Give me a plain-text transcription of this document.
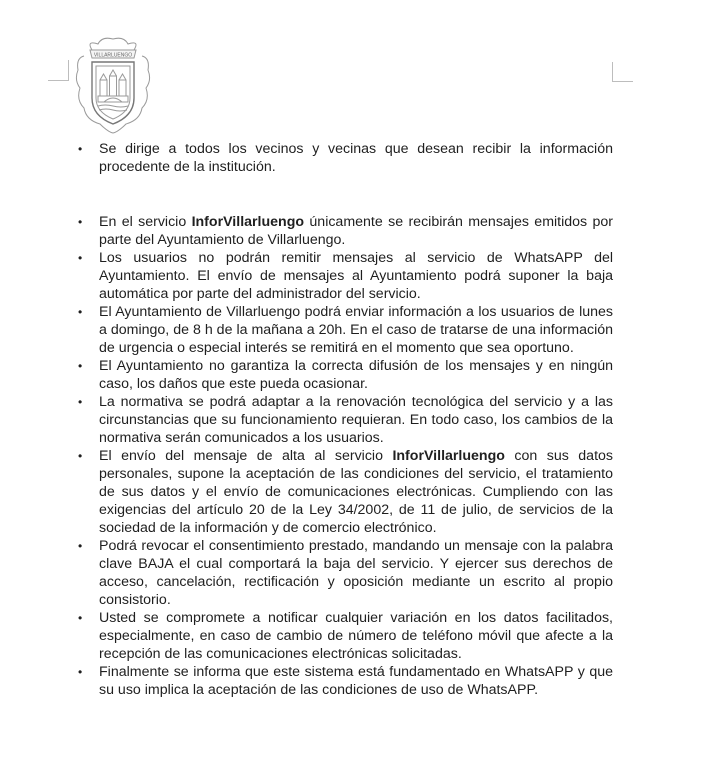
VILLARLUENGO
•	Se dirige a todos los vecinos y vecinas que desean recibir la información procedente de la institución.
•	En el servicio InforVillarluengo únicamente se recibirán mensajes emitidos por parte del Ayuntamiento de Villarluengo.
•	Los usuarios no podrán remitir mensajes al servicio de WhatsAPP del Ayuntamiento. El envío de mensajes al Ayuntamiento podrá suponer la baja automática por parte del administrador del servicio.
•	El Ayuntamiento de Villarluengo podrá enviar información a los usuarios de lunes a domingo, de 8 h de la mañana a 20h. En el caso de tratarse de una información de urgencia o especial interés se remitirá en el momento que sea oportuno.
•	El Ayuntamiento no garantiza la correcta difusión de los mensajes y en ningún caso, los daños que este pueda ocasionar.
•	La normativa se podrá adaptar a la renovación tecnológica del servicio y a las circunstancias que su funcionamiento requieran. En todo caso, los cambios de la normativa serán comunicados a los usuarios.
•	El envío del mensaje de alta al servicio InforVillarluengo con sus datos personales, supone la aceptación de las condiciones del servicio, el tratamiento de sus datos y el envío de comunicaciones electrónicas. Cumpliendo con las exigencias del artículo 20 de la Ley 34/2002, de 11 de julio, de servicios de la sociedad de la información y de comercio electrónico.
•	Podrá revocar el consentimiento prestado, mandando un mensaje con la palabra clave BAJA el cual comportará la baja del servicio. Y ejercer sus derechos de acceso, cancelación, rectificación y oposición mediante un escrito al propio consistorio.
•	Usted se compromete a notificar cualquier variación en los datos facilitados, especialmente, en caso de cambio de número de teléfono móvil que afecte a la recepción de las comunicaciones electrónicas solicitadas.
•	Finalmente se informa que este sistema está fundamentado en WhatsAPP y que su uso implica la aceptación de las condiciones de uso de WhatsAPP.
